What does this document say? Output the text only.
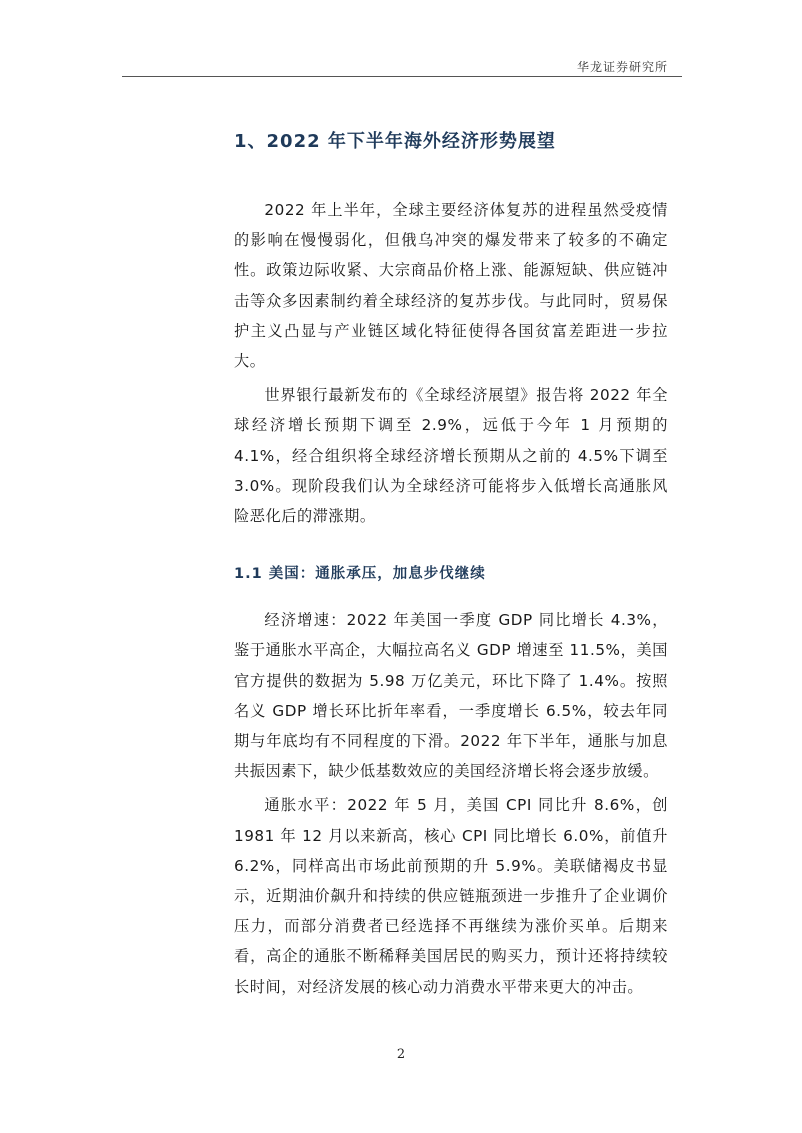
华龙证券研究所
1、2022 年下半年海外经济形势展望

2022 年上半年，全球主要经济体复苏的进程虽然受疫情的影响在慢慢弱化，但俄乌冲突的爆发带来了较多的不确定性。政策边际收紧、大宗商品价格上涨、能源短缺、供应链冲击等众多因素制约着全球经济的复苏步伐。与此同时，贸易保护主义凸显与产业链区域化特征使得各国贫富差距进一步拉大。

世界银行最新发布的《全球经济展望》报告将 2022 年全球经济增长预期下调至 2.9%，远低于今年 1 月预期的 4.1%，经合组织将全球经济增长预期从之前的 4.5%下调至 3.0%。现阶段我们认为全球经济可能将步入低增长高通胀风险恶化后的滞涨期。

1.1 美国：通胀承压，加息步伐继续

经济增速：2022 年美国一季度 GDP 同比增长 4.3%，鉴于通胀水平高企，大幅拉高名义 GDP 增速至 11.5%，美国官方提供的数据为 5.98 万亿美元，环比下降了 1.4%。按照名义 GDP 增长环比折年率看，一季度增长 6.5%，较去年同期与年底均有不同程度的下滑。2022 年下半年，通胀与加息共振因素下，缺少低基数效应的美国经济增长将会逐步放缓。

通胀水平：2022 年 5 月，美国 CPI 同比升 8.6%，创 1981 年 12 月以来新高，核心 CPI 同比增长 6.0%，前值升 6.2%，同样高出市场此前预期的升 5.9%。美联储褐皮书显示，近期油价飙升和持续的供应链瓶颈进一步推升了企业调价压力，而部分消费者已经选择不再继续为涨价买单。后期来看，高企的通胀不断稀释美国居民的购买力，预计还将持续较长时间，对经济发展的核心动力消费水平带来更大的冲击。

2
